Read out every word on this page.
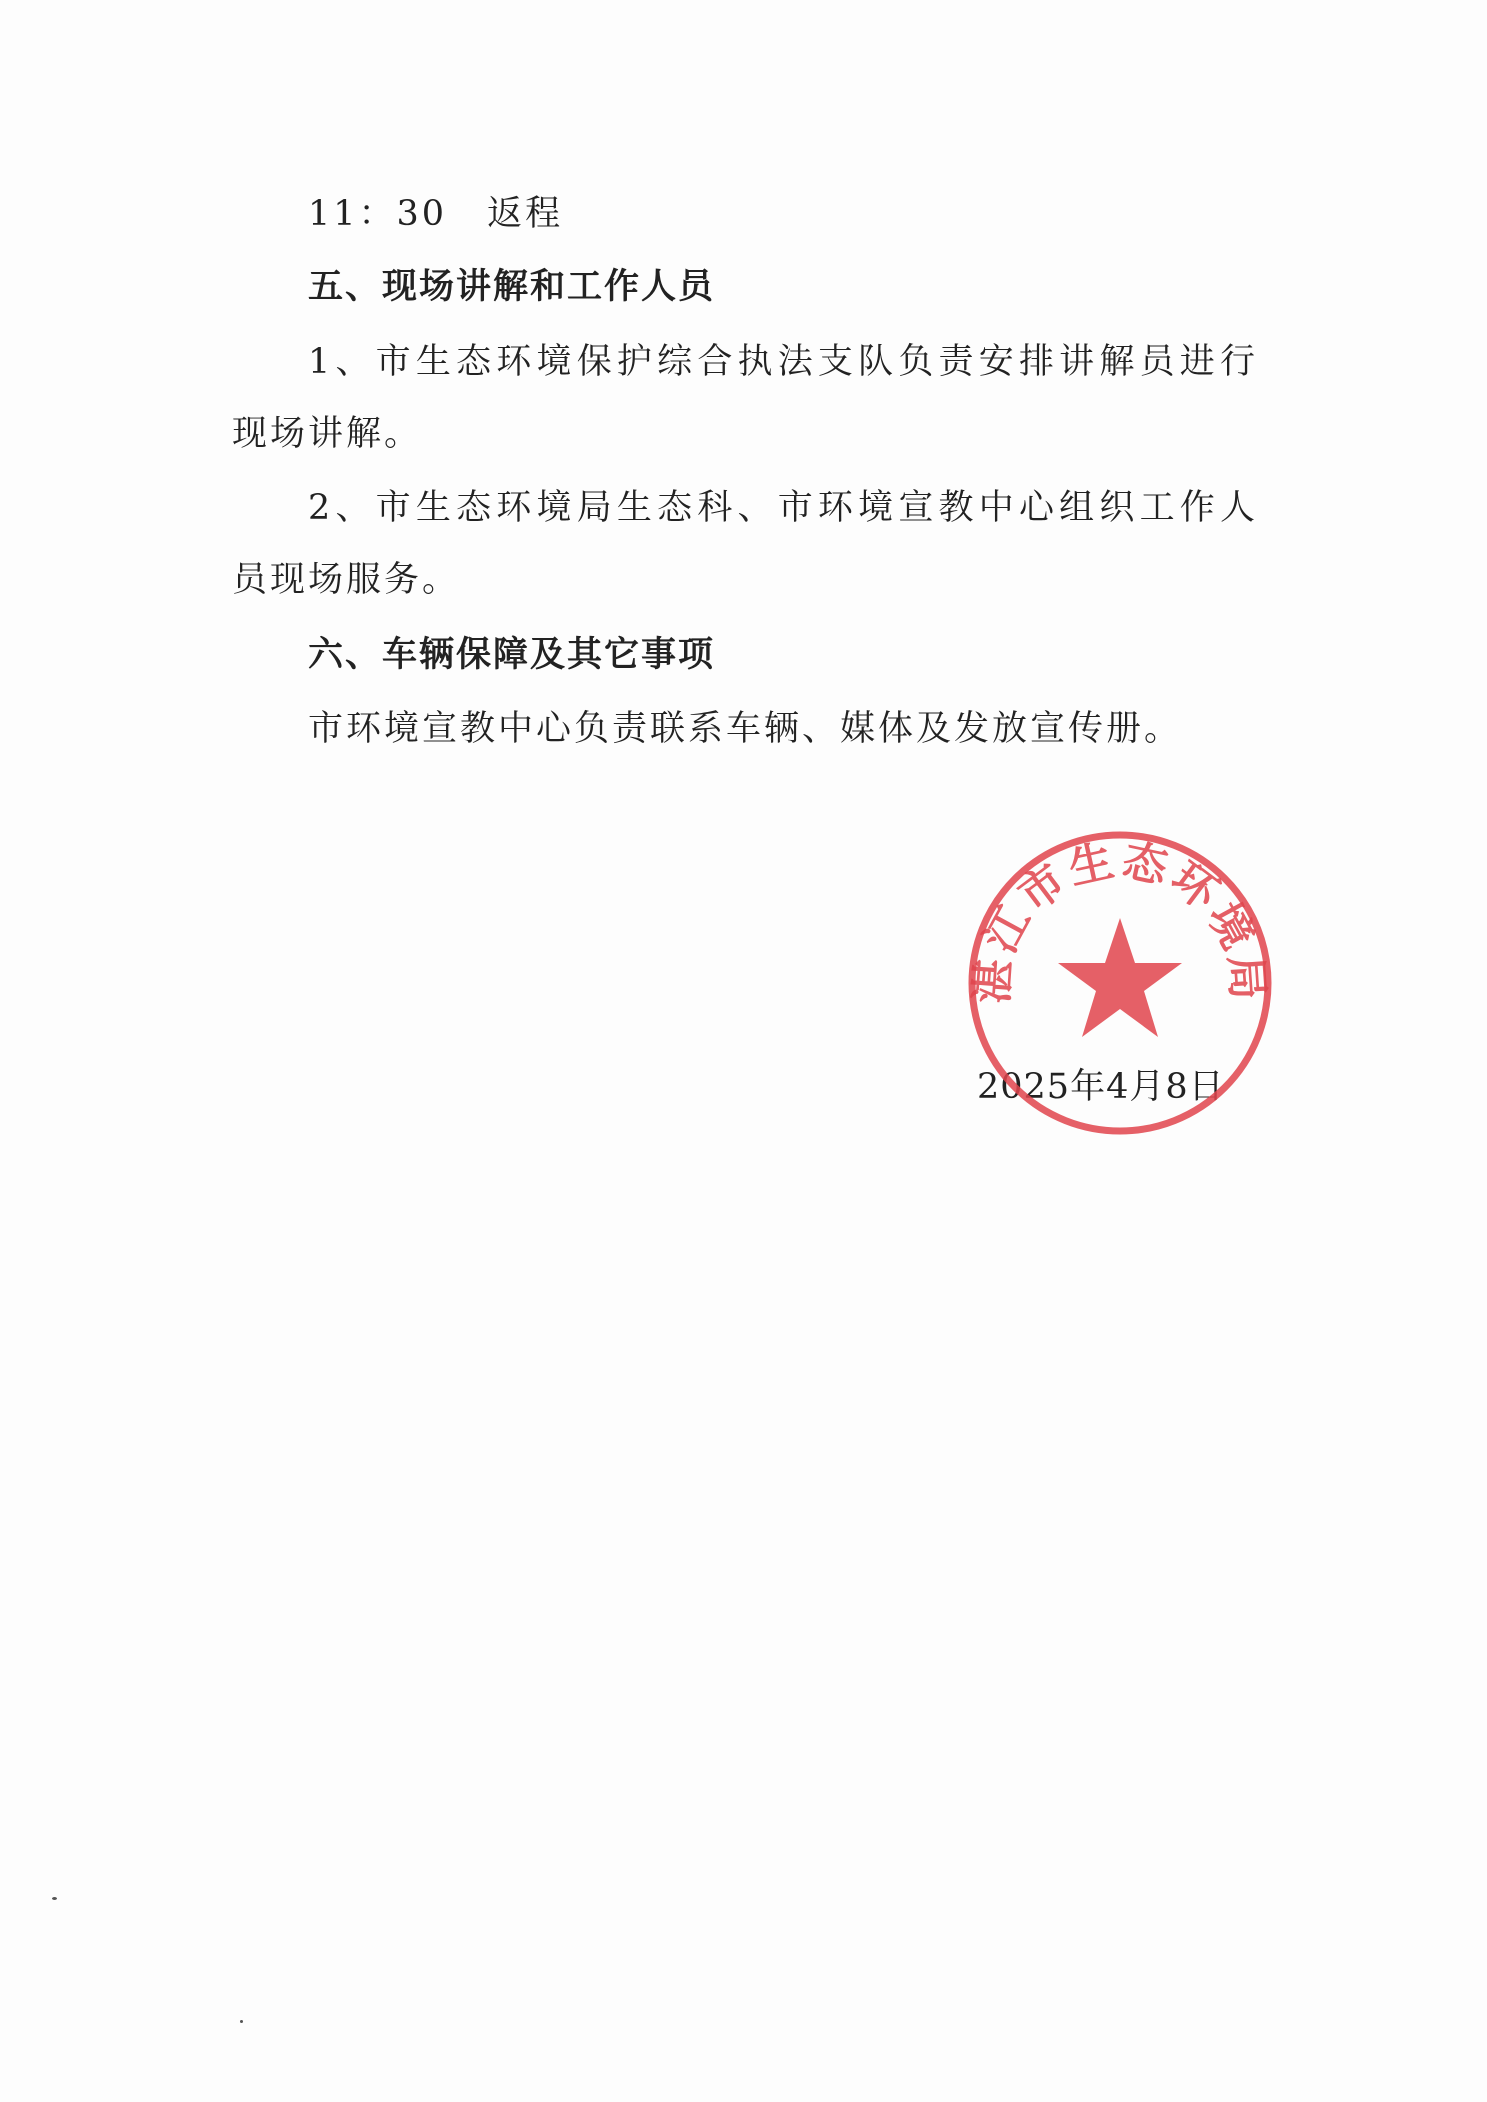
11：30 返程
五、现场讲解和工作人员
1、市生态环境保护综合执法支队负责安排讲解员进行
现场讲解。
2、市生态环境局生态科、市环境宣教中心组织工作人
员现场服务。
六、车辆保障及其它事项
市环境宣教中心负责联系车辆、媒体及发放宣传册。
2025年4月8日
湛江市生态环境局
